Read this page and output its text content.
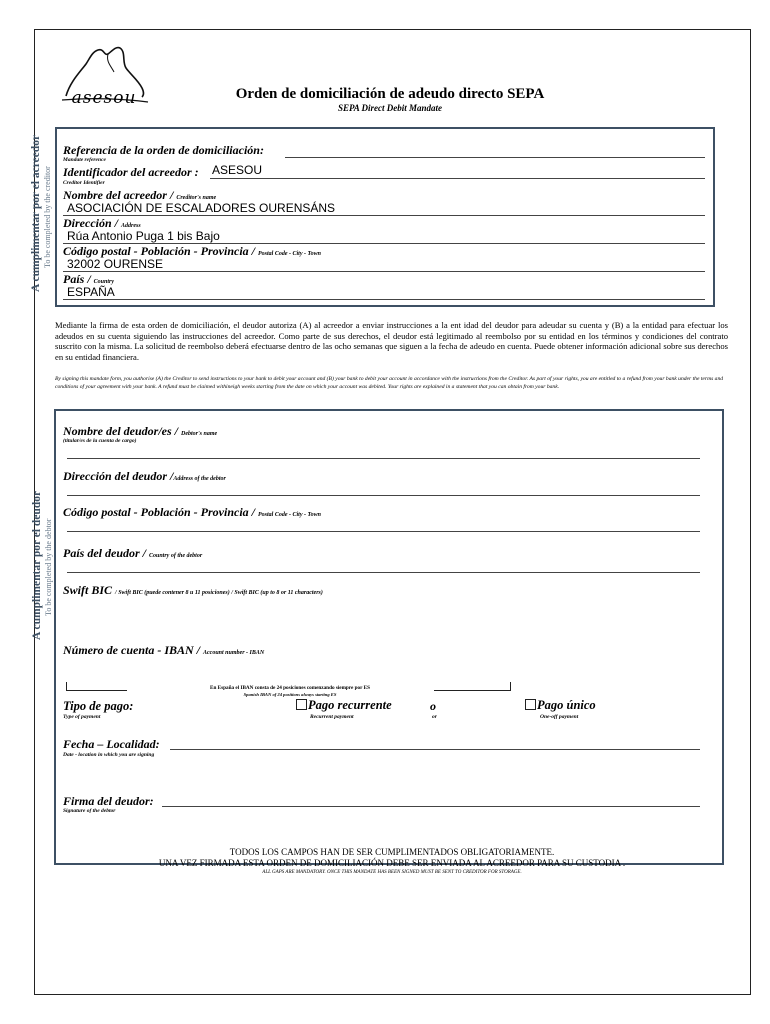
asesou	Orden de domiciliación de adeudo directo SEPA
SEPA Direct Debit Mandate
A cumplimentar por el acreedor To be completed by the creditor
Referencia de la orden de domiciliación:
Mandate reference
Identificador del acreedor : ASESOU
Creditor Identifier
Nombre del acreedor / Creditor's name
ASOCIACIÓN DE ESCALADORES OURENSÁNS
Dirección / Address
Rúa Antonio Puga 1 bis Bajo
Código postal - Población - Provincia / Postal Code - City - Town
32002 OURENSE
País / Country
ESPAÑA
Mediante la firma de esta orden de domiciliación, el deudor autoriza (A) al acreedor a enviar instrucciones a la ent idad del deudor para adeudar su cuenta y (B) a la entidad para efectuar los adeudos en su cuenta siguiendo las instrucciones del acreedor. Como parte de sus derechos, el deudor está legitimado al reembolso por su entidad en los términos y condiciones del contrato suscrito con la misma. La solicitud de reembolso deberá efectuarse dentro de las ocho semanas que siguen a la fecha de adeudo en cuenta. Puede obtener información adicional sobre sus derechos en su entidad financiera.
By signing this mandate form, you authorise (A) the Creditor to send instructions to your bank to debit your account and (B) your bank to debit your account in accordance with the instructions from the Creditor. As part of your rights, you are entitled to a refund from your bank under the terms and conditions of your agreement with your bank. A refund must be claimed withineigh weeks starting from the date on which your account was debited. Your rights are explained in a statement that you can obtain from your bank.
A cumplimentar por el deudor To be completed by the debtor
Nombre del deudor/es / Debtor's name
(titular/es de la cuenta de cargo)
Dirección del deudor /Address of the debtor
Código postal - Población - Provincia / Postal Code - City - Town
País del deudor / Country of the debtor
Swift BIC / Swift BIC (puede contener 8 u 11 posiciones) / Swift BIC (up to 8 or 11 characters)
Número de cuenta - IBAN / Account number - IBAN
En España el IBAN consta de 24 posiciones comenzando siempre por ES
Spanish IBAN of 24 positions always starting ES
Tipo de pago:
Type of payment
Pago recurrente
Recurrent payment
o
or
Pago único
One-off payment
Fecha – Localidad:
Date - location in which you are signing
Firma del deudor:
Signature of the debtor
TODOS LOS CAMPOS HAN DE SER CUMPLIMENTADOS OBLIGATORIAMENTE.
UNA VEZ FIRMADA ESTA ORDEN DE DOMICILIACIÓN DEBE SER ENVIADA AL ACREEDOR PARA SU CUSTODIA .
ALL GAPS ARE MANDATORY. ONCE THIS MANDATE HAS BEEN SIGNED MUST BE SENT TO CREDITOR FOR STORAGE.
